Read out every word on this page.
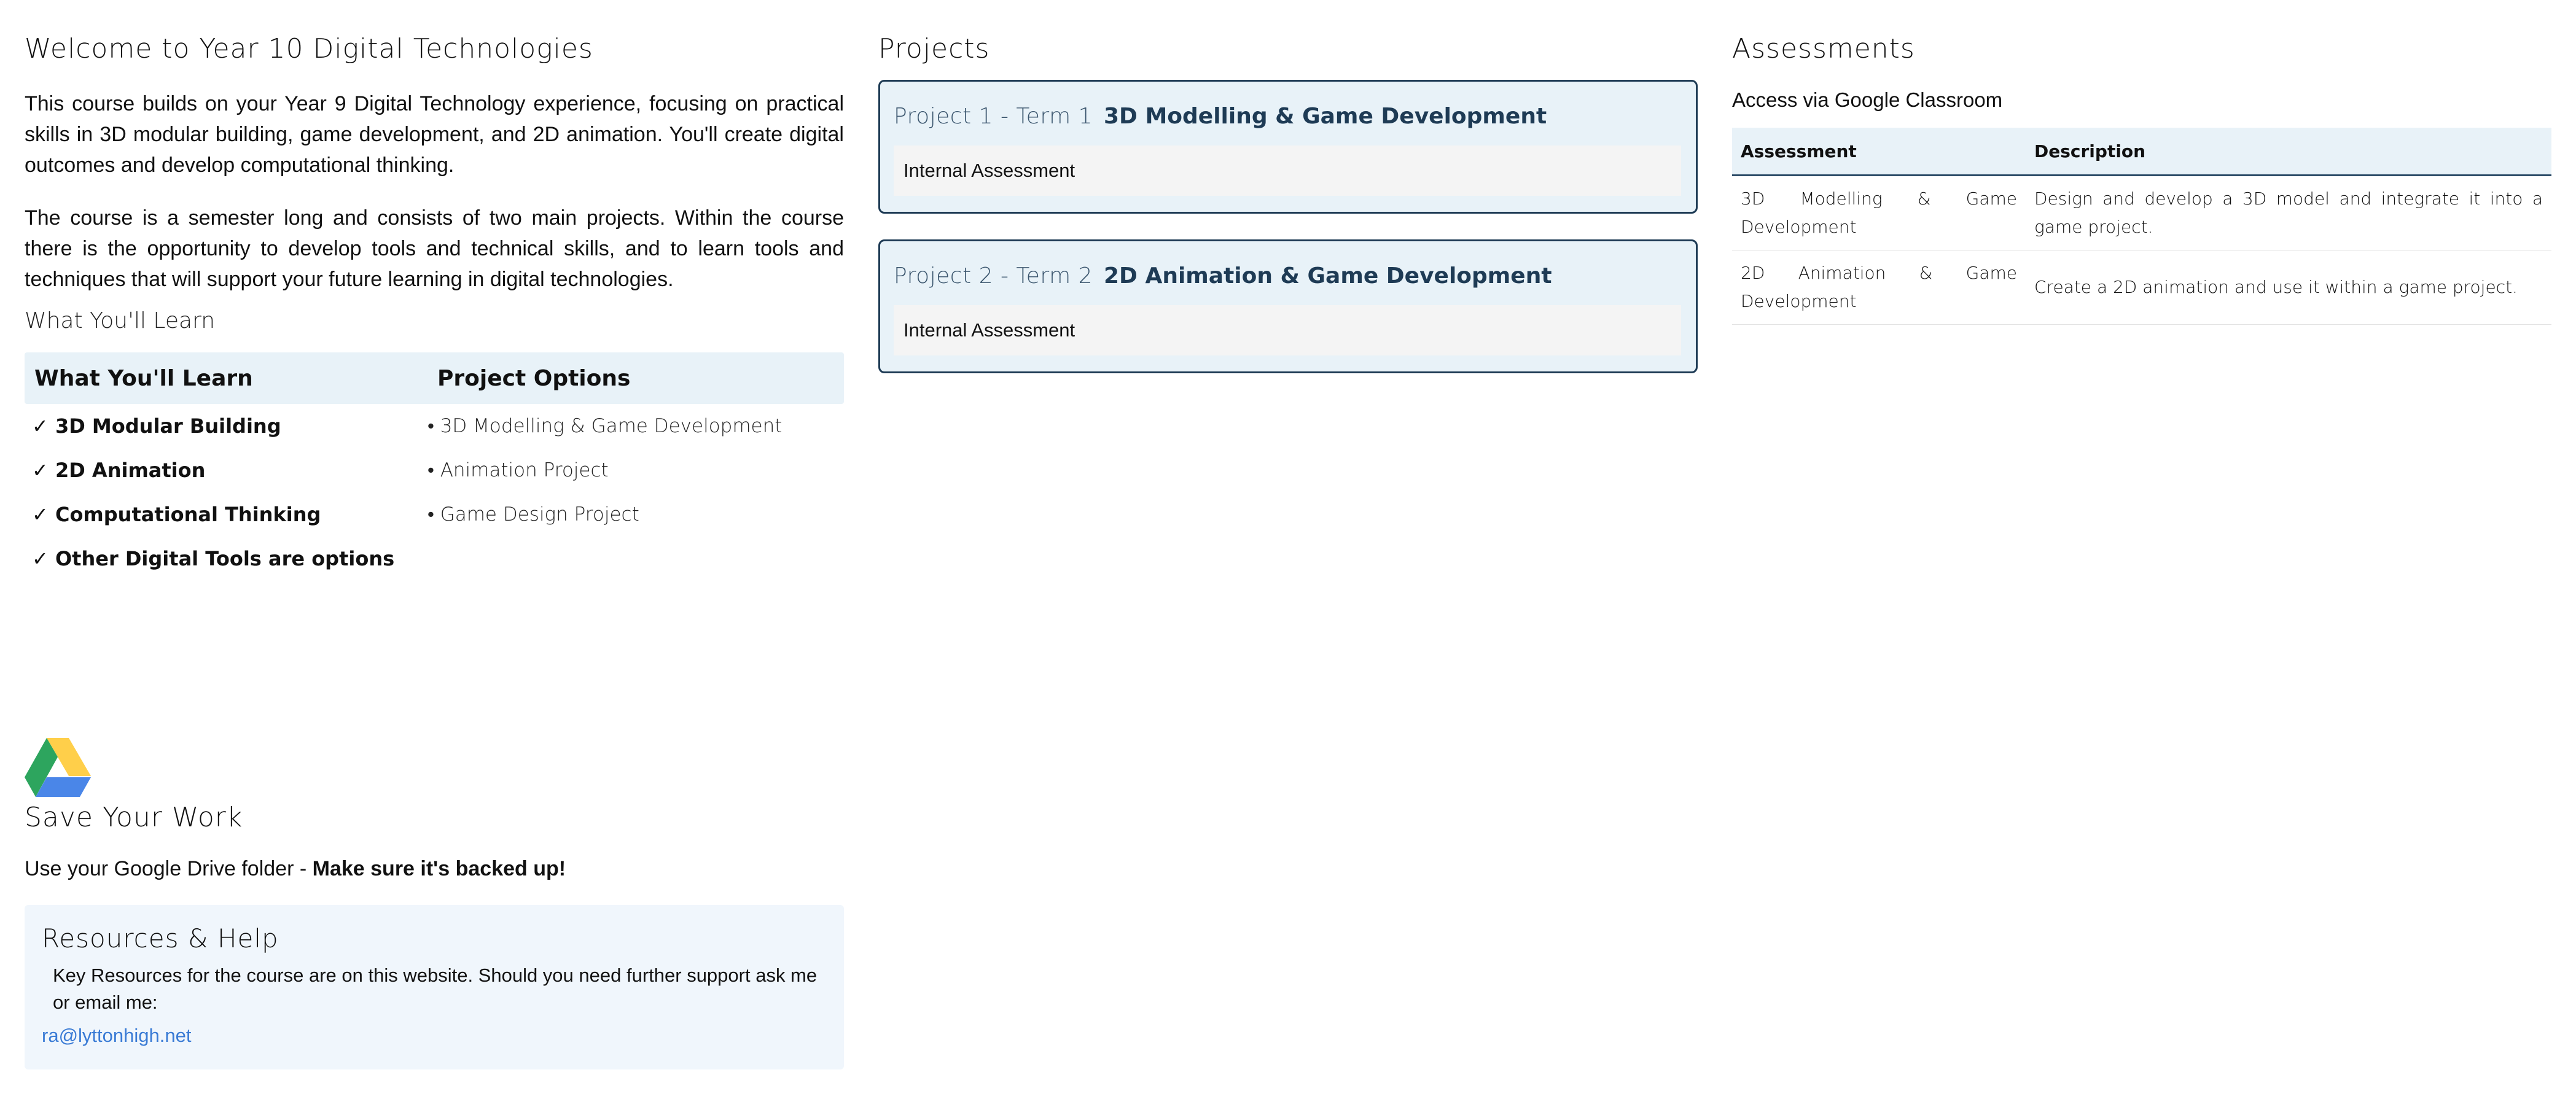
Welcome to Year 10 Digital Technologies

This course builds on your Year 9 Digital Technology experience, focusing on practical skills in 3D modular building, game development, and 2D animation. You'll create digital outcomes and develop computational thinking.

The course is a semester long and consists of two main projects. Within the course there is the opportunity to develop tools and technical skills, and to learn tools and techniques that will support your future learning in digital technologies.

What You'll Learn
What You'll Learn	Project Options
✓ 3D Modular Building	• 3D Modelling & Game Development
✓ 2D Animation	• Animation Project
✓ Computational Thinking	• Game Design Project
✓ Other Digital Tools are options
Save Your Work
Use your Google Drive folder - Make sure it's backed up!
Resources & Help
Key Resources for the course are on this website. Should you need further support ask me or email me:
ra@lyttonhigh.net
Projects
Project 1 - Term 1 3D Modelling & Game Development
Internal Assessment
Project 2 - Term 2 2D Animation & Game Development
Internal Assessment
Assessments
Access via Google Classroom
Assessment	Description
3D Modelling & Game Development	Design and develop a 3D model and integrate it into a game project.
2D Animation & Game Development	Create a 2D animation and use it within a game project.
